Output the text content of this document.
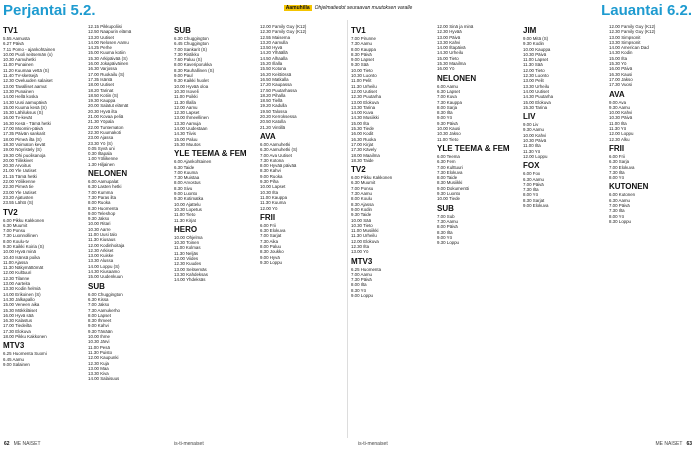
Perjantai 5.2.	Lauantai 6.2.
Aamuhilla Ohjelmatiedot seuraavan muutoksen varalle
TV1
5.55 Aamusta
6.27 Päivä
7.11 Pomo - ajankohtainen
10.00 Puoli seitsemän (x)
10.30 Aamuhetki
11.00 Punainen
11.20 Kuumaa vettä (S)
11.40 TV-sketsejä
12.30 Oveluuden salaiset
13.00 Tavalliset aamut
13.30 Punainen
14.00 Hellä koska
14.30 Uusi aamupäivä
15.00 Kuuma kesä (S)
15.30 Lähiluksus (S)
16.00 Tv-kevät
16.30 Kesä - Tämä hetki
17.00 Moomin-päivä
17.35 Päivän sankarit
18.00 Pimeä ilta (S)
18.30 Voimaton kevät
19.00 Nöyristely (S)
19.30 Ohi puolisanoja
20.00 Tiiliskivet
20.30 Arvoitus
21.00 Yle Uutiset
21.15 Tämä hetki
22.00 Yöliikenne
22.30 Pimeä tie
23.00 Yle Uutiset
23.20 Ajatusten
23.55 Lähtö (S)
TV2
6.00 Pikku Kakkonen
6.30 Muumit
7.00 Ponsu
7.30 Luonnollinen
8.00 Koulu-tv
9.30 Kaikki Koiria (S)
10.00 Hyvä minä
10.40 Isänsä poika
11.00 Ajassa
11.30 Näkymättömät
12.00 Kulttuuri
12.30 Tilanne
13.00 Aarteita
13.30 Kodin helmiä
14.00 Erikoinen (S)
14.30 Jalkapallo
15.00 Veneen aika
15.30 Mökkiläiset
16.00 Hyvä sää
16.30 Kalastus
17.00 Tiedeilta
17.30 Elokuva
18.00 Pikku Kakkonen
MTV3
6.25 Huomenta Suomi
6.45 Aamu
9.00 Salainen
12.15 Pikkupoliisi
12.50 Naapurin elämä
13.20 Uutiset
14.00 Nelosen Aamu
14.25 Perhe
15.00 Kuuma kotiin
15.30 Arkipäivää (S)
16.00 Jokapäiväinen
16.30 Varjossa
17.00 Ruokailu (S)
17.35 Isäntä
18.00 Uutiset
18.20 Tarinat
18.50 Kotiin (S)
19.30 Kauppa
20.00 Salatut elämät
20.30 Hyvä ilta
21.00 Kovaa peliä
21.30 Yöpala
22.00 Tuntematon
22.30 Kuumakoti
23.00 Ajassa
23.30 Yö (S)
0.05 Syvä uni
0.30 Iltapala
1.00 Yöliikenne
1.30 Hiljainen
NELONEN
6.00 Aamupalat
6.30 Lasten hetki
7.00 Kumma
7.30 Paras ilta
8.00 Ruoka
8.30 Huomenta
9.00 Teleshop
9.30 Jakso
10.00 Ritari
10.30 Aarre
11.00 Uusi talo
11.30 Kiusaus
12.00 Kodinhoitaja
12.30 Arkiset
13.00 Kuiske
13.30 Alussa
14.00 Loppu (S)
14.30 Kiusaamo
15.00 Uudenkuun
SUB
6.00 Chuggington
6.30 Kissa
7.00 Jakso
7.30 Aamukerho
8.00 Lapset
8.30 Ihmeet
9.00 Kahvi
9.30 Tänään
10.00 Ihme
10.30 Järvi
11.00 Pesä
11.30 Puisto
12.00 Kaupunki
12.30 Kuja
13.00 Maa
13.30 Kiva
14.00 Salaisuus
SUB
6.30 Chuggington
6.45 Chuggington
7.00 Sankarit (S)
7.30 Ristikko
7.60 Paluu (S)
8.00 Kaveriporukka
8.30 Rauhallinen (S)
9.00 Paul
9.30 Kaikki huolet
10.00 Hyvää oloa
10.30 Isoveli
11.00 Poikki
11.30 Illalla
12.00 Aamu
12.30 Lapset
13.00 Ihmeellinen
13.30 Aamuja
14.00 Uudestaan
14.30 Tiivis
15.00 Paluu
15.30 Muutos
YLE TEEMA & FEM
6.00 Ajankohtainen
6.30 Taide
7.00 Kuuma
7.30 Muistaa
8.00 Arvostus
8.30 Sivu
9.00 Luonto
9.30 Kotimatka
10.00 Ajattelu
10.30 Lopetus
11.00 Tieto
11.30 Kirjat
HERO
10.00 Ohjelma
10.30 Toinen
11.00 Kolmas
11.30 Neljäs
12.00 Viides
12.30 Kuudes
13.00 Seitsemäs
13.30 Kahdeksas
14.00 Yhdeksäs
12.00 Family Guy (K12)
12.30 Family Guy (K12)
12.55 Maisema
13.20 Aamulla
13.50 Hyvä
14.20 Ylhäällä
14.50 Alhaalla
15.20 Illalla
15.50 Kotona
16.20 Keittiössä
16.50 Matkalla
17.20 Kaupassa
17.50 Puutarhassa
18.20 Pihalla
18.50 Tiellä
19.20 Kadulla
19.50 Talossa
20.20 Kerroksessa
20.50 Katolla
21.20 Vintillä
AVA
6.00 Aamuhetki
6.30 Aamuhetki (S)
7.00 Ava Uutiset
7.30 Kotona
8.00 Hyvää päivää
8.30 Kahvi
9.00 Ruoka
9.30 Piha
10.00 Lapset
10.30 Ilta
11.00 Kauppa
11.30 Kuuma
12.00 Yö
FRII
6.00 Frii
6.30 Elokuva
7.00 Sarjat
7.30 Aika
8.00 Paluu
8.30 Joukko
9.00 Hyvä
9.30 Loppu
TV1
7.00 Pirunne
7.30 Aamu
8.00 Kauppa
8.30 Päivä
9.00 Lapset
9.30 Sää
10.00 Tieto
10.30 Luonto
11.00 Pelit
11.30 Urheilu
12.00 Uutiset
12.30 Puutarha
13.00 Elokuva
13.30 Tarina
14.00 Kuva
14.30 Musiikki
15.00 Ilta
15.30 Tiede
16.00 Kodit
16.30 Ruoka
17.00 Kirjat
17.30 Kävely
18.00 Maailma
18.30 Taide
TV2
6.00 Pikku Kakkonen
6.30 Muumit
7.00 Ponsu
7.30 Aamu
8.00 Koulu
8.30 Ajassa
9.00 Kodin
9.30 Taide
10.00 Sää
10.30 Tieto
11.00 Musiikki
11.30 Urheilu
12.00 Elokuva
12.30 Ilta
13.00 Yö
MTV3
6.25 Huomenta
7.00 Aamu
7.30 Päivä
8.00 Ilta
8.30 Yö
9.00 Loppu
12.00 Sinä ja minä
12.30 Hyvää
13.00 Päivä
13.30 Kahvi
14.00 Iltapäivä
14.30 Urheilu
15.00 Tieto
15.30 Maailma
16.00 Yö
NELONEN
6.00 Aamu
6.30 Lapset
7.00 Kuva
7.30 Kauppa
8.00 Sarja
8.30 Ilta
9.00 Yö
9.30 Päivä
10.00 Kausi
10.30 Jakso
11.00 Tieto
YLE TEEMA & FEM
6.00 Teema
6.30 Fem
7.00 Kulttuuri
7.30 Elokuva
8.00 Taide
8.30 Musiikki
9.00 Dokumentti
9.30 Luonto
10.00 Tiede
SUB
7.00 Sub
7.30 Aamu
8.00 Päivä
8.30 Ilta
9.00 Yö
9.30 Loppu
JIM
9.00 Mitä (S)
9.30 Kodin
10.00 Kauppa
10.30 Päivä
11.00 Lapset
11.30 Sää
12.00 Tieto
12.30 Luonto
13.00 Pelit
13.30 Urheilu
14.00 Uutiset
14.30 Puutarha
15.00 Elokuva
15.30 Tarina
LIV
9.00 Liv
9.30 Aamu
10.00 Kahvi
10.30 Päivä
11.00 Ilta
11.30 Yö
12.00 Loppu
FOX
6.00 Fox
6.30 Aamu
7.00 Päivä
7.30 Ilta
8.00 Yö
8.30 Sarjat
9.00 Elokuva
12.00 Family Guy (K12)
12.30 Family Guy (K12)
13.00 Simpsonit
13.30 Simpsonit
14.00 American Dad
14.30 Kodin
15.00 Ilta
15.30 Yö
16.00 Päivä
16.30 Kausi
17.00 Jakso
17.30 Vuosi
AVA
9.00 Ava
9.30 Aamu
10.00 Kahvi
10.30 Päivä
11.00 Ilta
11.30 Yö
12.00 Loppu
12.30 Alku
FRII
6.00 Frii
6.30 Sarja
7.00 Elokuva
7.30 Ilta
8.00 Yö
KUTONEN
6.00 Kutonen
6.30 Aamu
7.00 Päivä
7.30 Ilta
8.00 Yö
8.30 Loppu
62 ME NAISET	is-ti-menaiset	is-ti-menaiset	ME NAISET 63
